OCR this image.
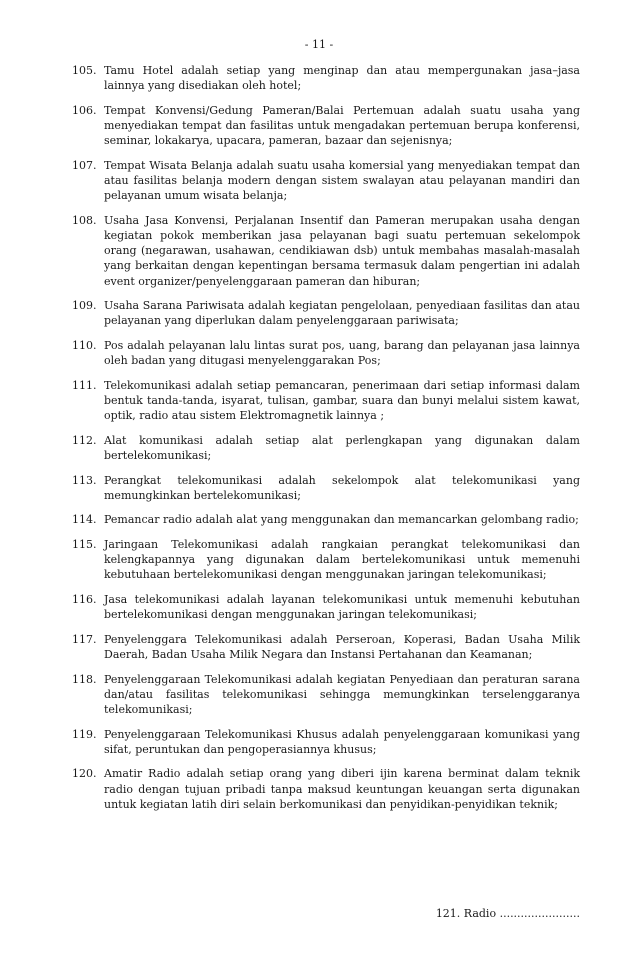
- 11 -
105. Tamu Hotel adalah setiap yang menginap dan atau mempergunakan jasa–jasa lainnya yang disediakan oleh hotel;
106. Tempat Konvensi/Gedung Pameran/Balai Pertemuan adalah suatu usaha yang menyediakan tempat dan fasilitas untuk mengadakan pertemuan berupa konferensi, seminar, lokakarya, upacara, pameran, bazaar dan sejenisnya;
107. Tempat Wisata Belanja adalah suatu usaha komersial yang menyediakan tempat dan atau fasilitas belanja modern dengan sistem swalayan atau pelayanan mandiri dan pelayanan umum wisata belanja;
108. Usaha Jasa Konvensi, Perjalanan Insentif dan Pameran merupakan usaha dengan kegiatan pokok memberikan jasa pelayanan bagi suatu pertemuan sekelompok orang (negarawan, usahawan, cendikiawan dsb) untuk membahas masalah-masalah yang berkaitan dengan kepentingan bersama termasuk dalam pengertian ini adalah event organizer/penyelenggaraan pameran dan hiburan;
109. Usaha Sarana Pariwisata adalah kegiatan pengelolaan, penyediaan fasilitas dan atau pelayanan yang diperlukan dalam penyelenggaraan pariwisata;
110. Pos adalah pelayanan lalu lintas surat pos, uang, barang dan pelayanan jasa lainnya oleh badan yang ditugasi menyelenggarakan Pos;
111. Telekomunikasi adalah setiap pemancaran, penerimaan dari setiap informasi dalam bentuk tanda-tanda, isyarat, tulisan, gambar, suara dan bunyi melalui sistem kawat, optik, radio atau sistem Elektromagnetik lainnya ;
112. Alat komunikasi adalah setiap alat perlengkapan yang digunakan dalam bertelekomunikasi;
113. Perangkat telekomunikasi adalah sekelompok alat telekomunikasi yang memungkinkan bertelekomunikasi;
114. Pemancar radio adalah alat yang menggunakan dan memancarkan gelombang radio;
115. Jaringaan Telekomunikasi adalah rangkaian perangkat telekomunikasi dan kelengkapannya yang digunakan dalam bertelekomunikasi untuk memenuhi kebutuhaan bertelekomunikasi dengan menggunakan jaringan telekomunikasi;
116. Jasa telekomunikasi adalah layanan telekomunikasi untuk memenuhi kebutuhan bertelekomunikasi dengan menggunakan jaringan telekomunikasi;
117. Penyelenggara Telekomunikasi adalah Perseroan, Koperasi, Badan Usaha Milik Daerah, Badan Usaha Milik Negara dan Instansi Pertahanan dan Keamanan;
118. Penyelenggaraan Telekomunikasi adalah kegiatan Penyediaan dan peraturan sarana dan/atau fasilitas telekomunikasi sehingga memungkinkan terselenggaranya telekomunikasi;
119. Penyelenggaraan Telekomunikasi Khusus adalah penyelenggaraan komunikasi yang sifat, peruntukan dan pengoperasiannya khusus;
120. Amatir Radio adalah setiap orang yang diberi ijin karena berminat dalam teknik radio dengan tujuan pribadi tanpa maksud keuntungan keuangan serta digunakan untuk kegiatan latih diri selain berkomunikasi dan penyidikan-penyidikan teknik;
121. Radio .......................
